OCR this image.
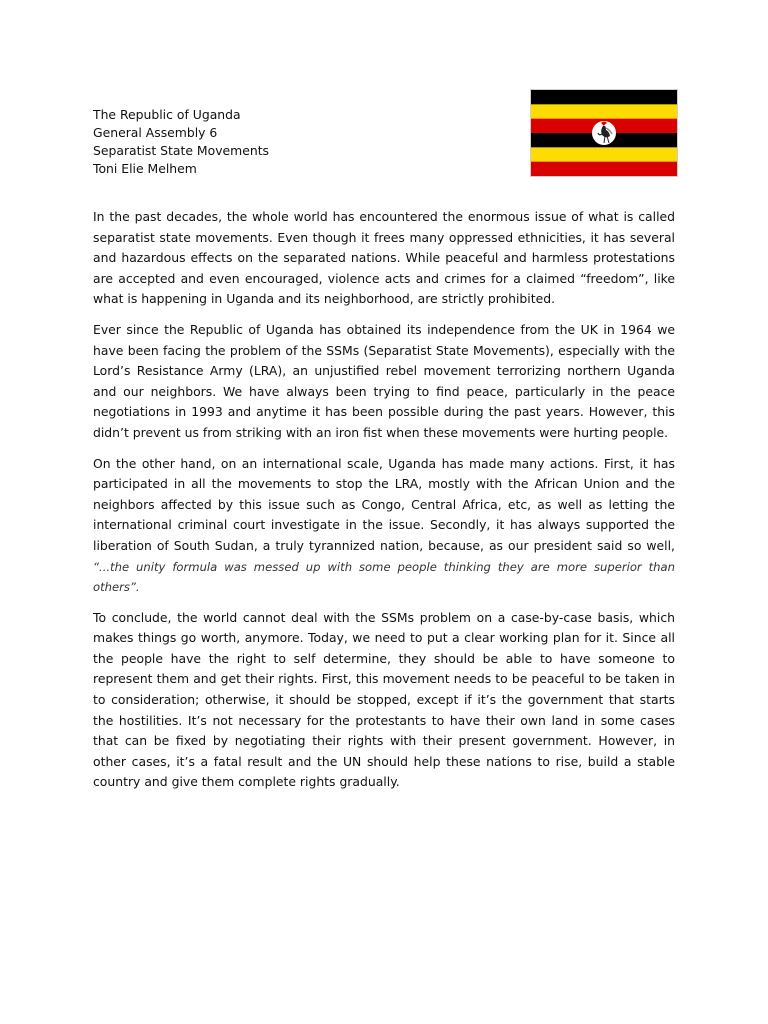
The Republic of Uganda
General Assembly 6
Separatist State Movements
Toni Elie Melhem

In the past decades, the whole world has encountered the enormous issue of what is called separatist state movements. Even though it frees many oppressed ethnicities, it has several and hazardous effects on the separated nations. While peaceful and harmless protestations are accepted and even encouraged, violence acts and crimes for a claimed “freedom”, like what is happening in Uganda and its neighborhood, are strictly prohibited.

Ever since the Republic of Uganda has obtained its independence from the UK in 1964 we have been facing the problem of the SSMs (Separatist State Movements), especially with the Lord’s Resistance Army (LRA), an unjustified rebel movement terrorizing northern Uganda and our neighbors. We have always been trying to find peace, particularly in the peace negotiations in 1993 and anytime it has been possible during the past years. However, this didn’t prevent us from striking with an iron fist when these movements were hurting people.

On the other hand, on an international scale, Uganda has made many actions. First, it has participated in all the movements to stop the LRA, mostly with the African Union and the neighbors affected by this issue such as Congo, Central Africa, etc, as well as letting the international criminal court investigate in the issue. Secondly, it has always supported the liberation of South Sudan, a truly tyrannized nation, because, as our president said so well, “...the unity formula was messed up with some people thinking they are more superior than others”.

To conclude, the world cannot deal with the SSMs problem on a case-by-case basis, which makes things go worth, anymore. Today, we need to put a clear working plan for it. Since all the people have the right to self determine, they should be able to have someone to represent them and get their rights. First, this movement needs to be peaceful to be taken in to consideration; otherwise, it should be stopped, except if it’s the government that starts the hostilities. It’s not necessary for the protestants to have their own land in some cases that can be fixed by negotiating their rights with their present government. However, in other cases, it’s a fatal result and the UN should help these nations to rise, build a stable country and give them complete rights gradually.
